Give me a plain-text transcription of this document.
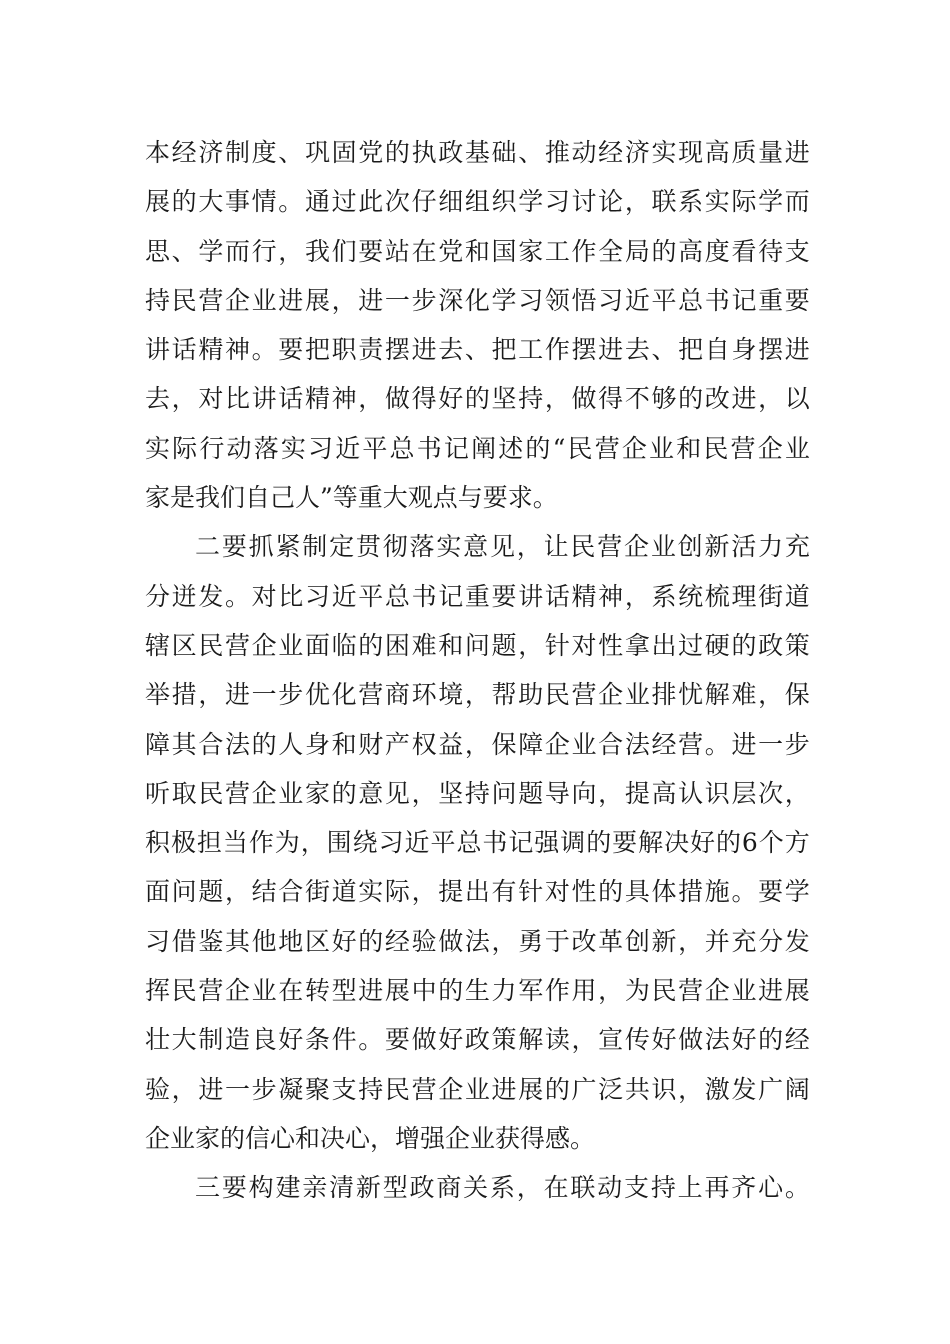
本 经 济 制 度 、 巩 固 党 的 执 政 基 础 、 推 动 经 济 实 现 高 质 量 进
展 的 大 事 情 。 通 过 此 次 仔 细 组 织 学 习 讨 论 ， 联 系 实 际 学 而
思 、 学 而 行 ， 我 们 要 站 在 党 和 国 家 工 作 全 局 的 高 度 看 待 支
持 民 营 企 业 进 展 ， 进 一 步 深 化 学 习 领 悟 习 近 平 总 书 记 重 要
讲 话 精 神 。 要 把 职 责 摆 进 去 、 把 工 作 摆 进 去 、 把 自 身 摆 进
去 ， 对 比 讲 话 精 神 ， 做 得 好 的 坚 持 ， 做 得 不 够 的 改 进 ， 以
实 际 行 动 落 实 习 近 平 总 书 记 阐 述 的 “ 民 营 企 业 和 民 营 企 业
家是我们自己人”等重大观点与要求。
二 要 抓 紧 制 定 贯 彻 落 实 意 见 ， 让 民 营 企 业 创 新 活 力 充
分 迸 发 。 对 比 习 近 平 总 书 记 重 要 讲 话 精 神 ， 系 统 梳 理 街 道
辖 区 民 营 企 业 面 临 的 困 难 和 问 题 ， 针 对 性 拿 出 过 硬 的 政 策
举 措 ， 进 一 步 优 化 营 商 环 境 ， 帮 助 民 营 企 业 排 忧 解 难 ， 保
障 其 合 法 的 人 身 和 财 产 权 益 ， 保 障 企 业 合 法 经 营 。 进 一 步
听 取 民 营 企 业 家 的 意 见 ， 坚 持 问 题 导 向 ， 提 高 认 识 层 次 ，
积 极 担 当 作 为 ， 围 绕 习 近 平 总 书 记 强 调 的 要 解 决 好 的 6 个 方
面 问 题 ， 结 合 街 道 实 际 ， 提 出 有 针 对 性 的 具 体 措 施 。 要 学
习 借 鉴 其 他 地 区 好 的 经 验 做 法 ， 勇 于 改 革 创 新 ， 并 充 分 发
挥 民 营 企 业 在 转 型 进 展 中 的 生 力 军 作 用 ， 为 民 营 企 业 进 展
壮 大 制 造 良 好 条 件 。 要 做 好 政 策 解 读 ， 宣 传 好 做 法 好 的 经
验 ， 进 一 步 凝 聚 支 持 民 营 企 业 进 展 的 广 泛 共 识 ， 激 发 广 阔
企业家的信心和决心，增强企业获得感。
三 要 构 建 亲 清 新 型 政 商 关 系 ， 在 联 动 支 持 上 再 齐 心 。
